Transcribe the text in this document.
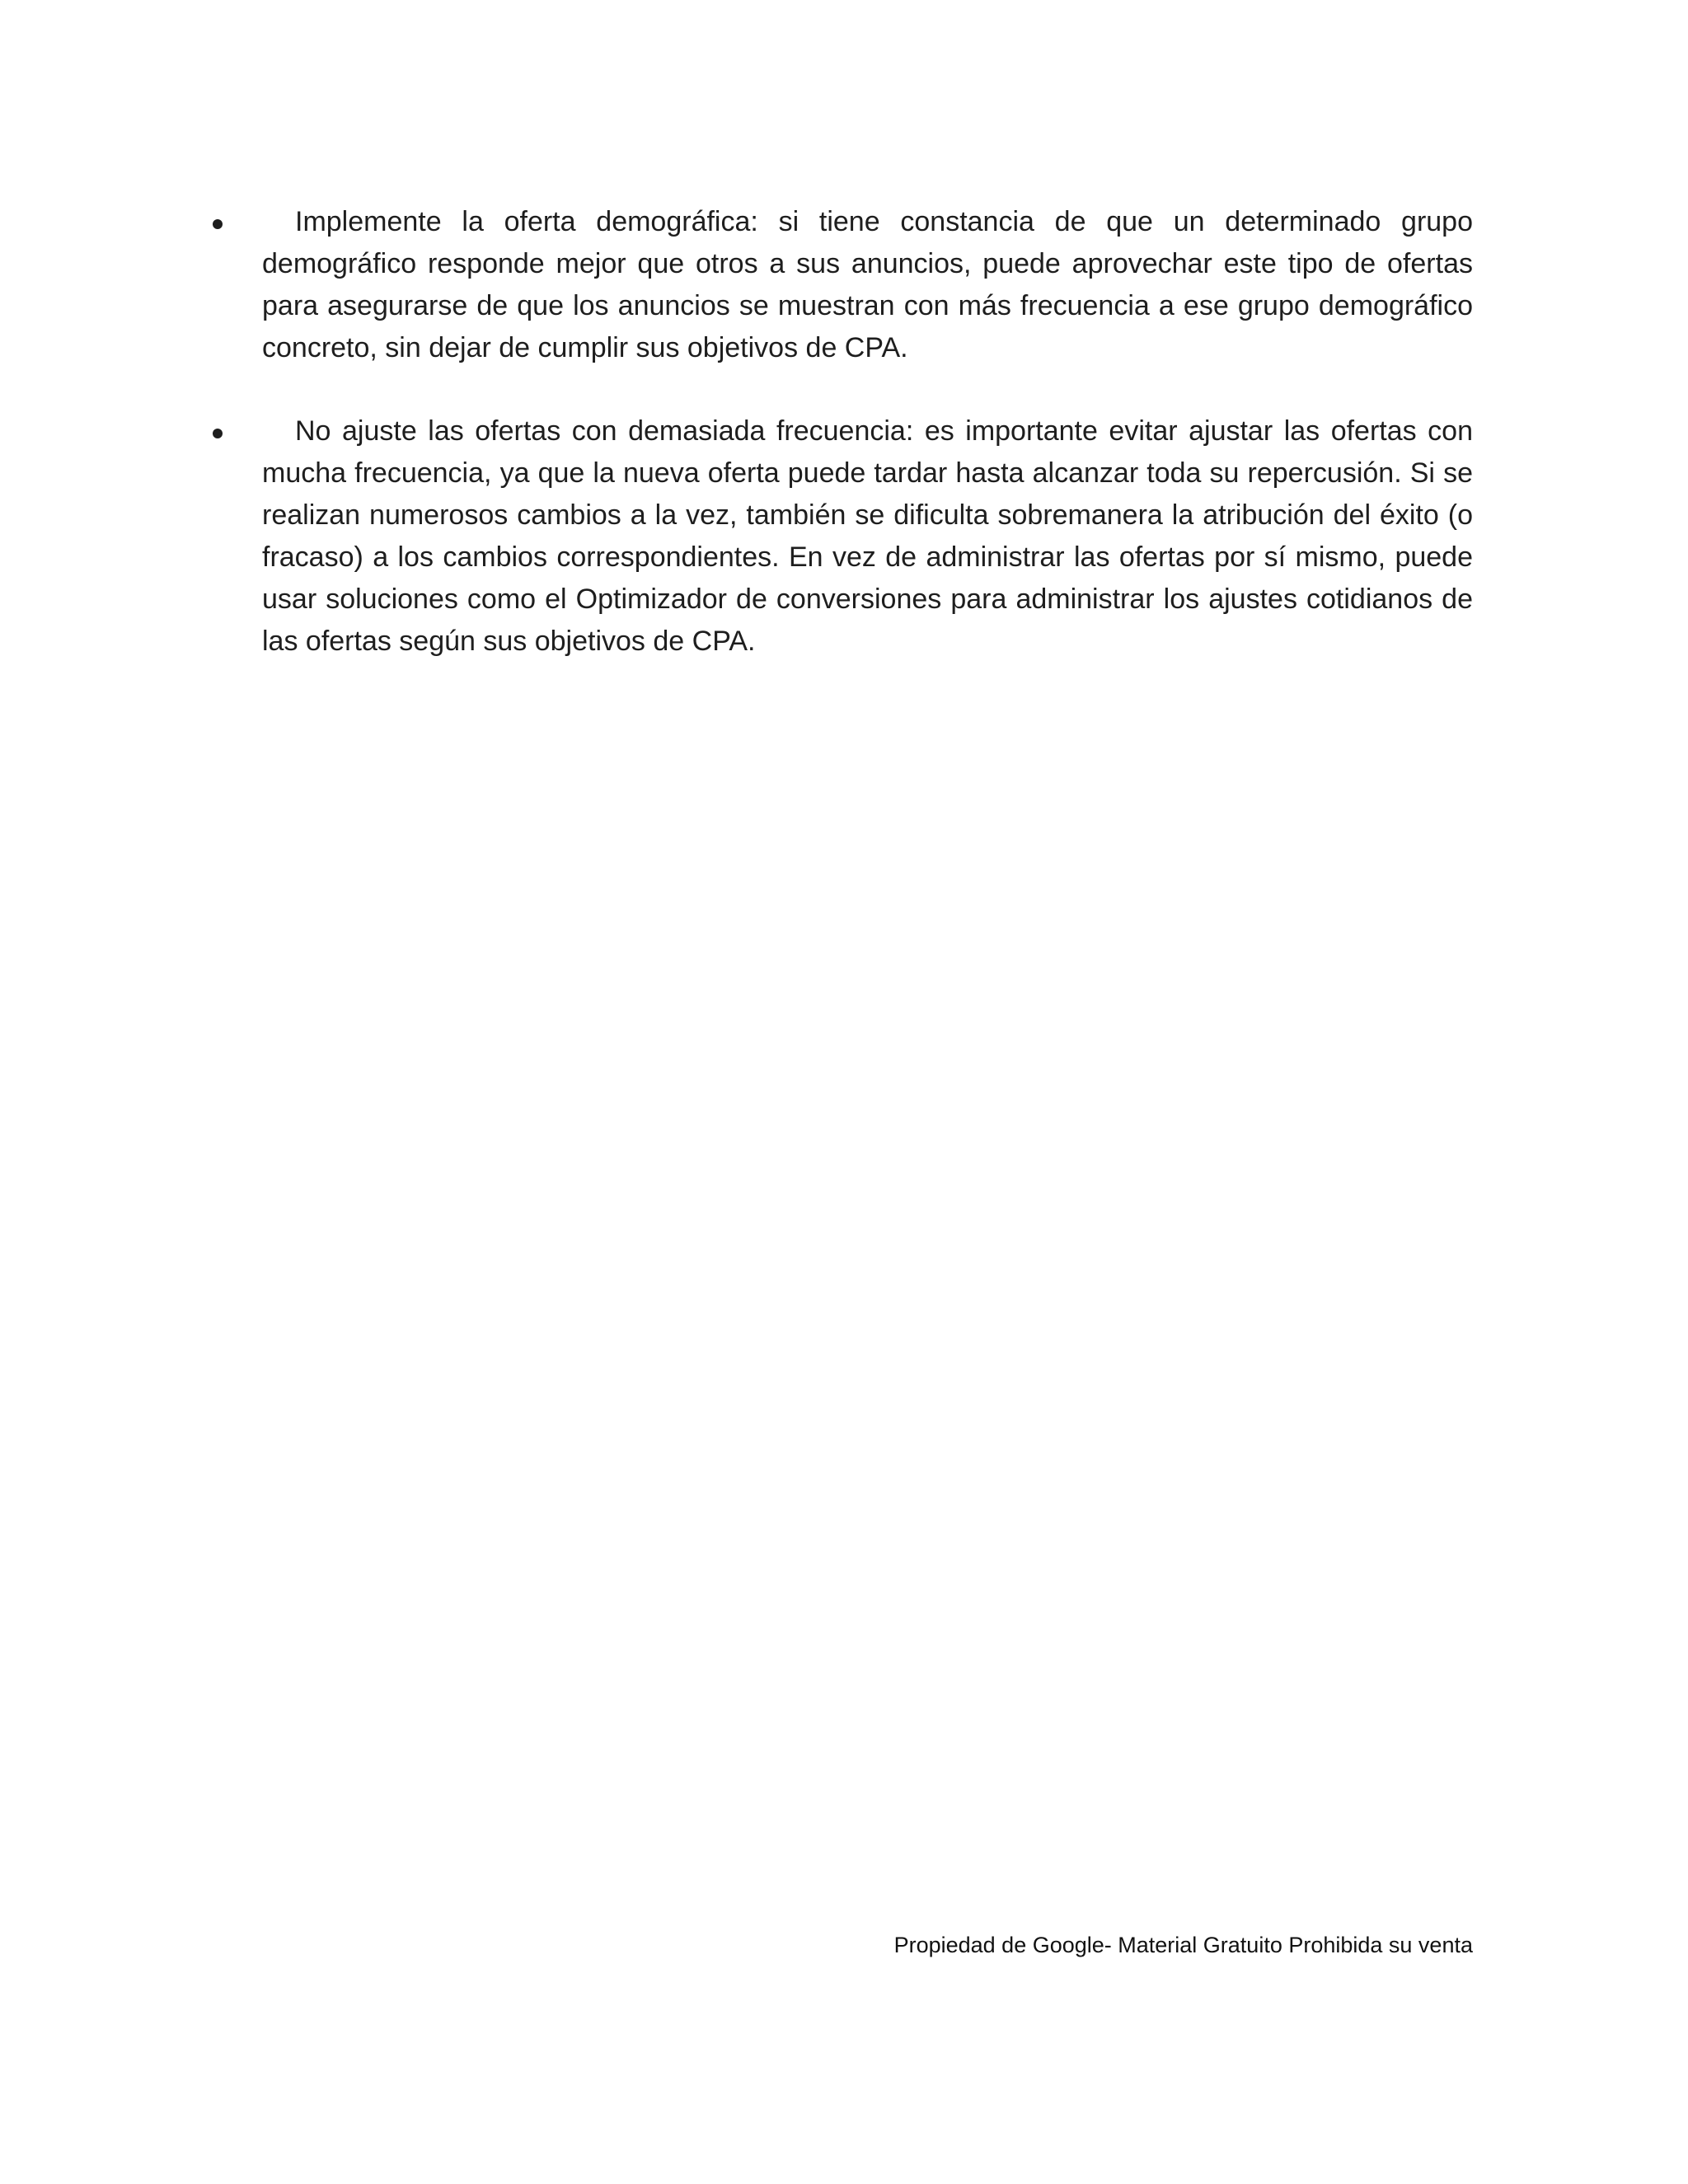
Implemente la oferta demográfica: si tiene constancia de que un determinado grupo demográfico responde mejor que otros a sus anuncios, puede aprovechar este tipo de ofertas para asegurarse de que los anuncios se muestran con más frecuencia a ese grupo demográfico concreto, sin dejar de cumplir sus objetivos de CPA.
No ajuste las ofertas con demasiada frecuencia: es importante evitar ajustar las ofertas con mucha frecuencia, ya que la nueva oferta puede tardar hasta alcanzar toda su repercusión. Si se realizan numerosos cambios a la vez, también se dificulta sobremanera la atribución del éxito (o fracaso) a los cambios correspondientes. En vez de administrar las ofertas por sí mismo, puede usar soluciones como el Optimizador de conversiones para administrar los ajustes cotidianos de las ofertas según sus objetivos de CPA.
Propiedad de Google- Material Gratuito Prohibida su venta
